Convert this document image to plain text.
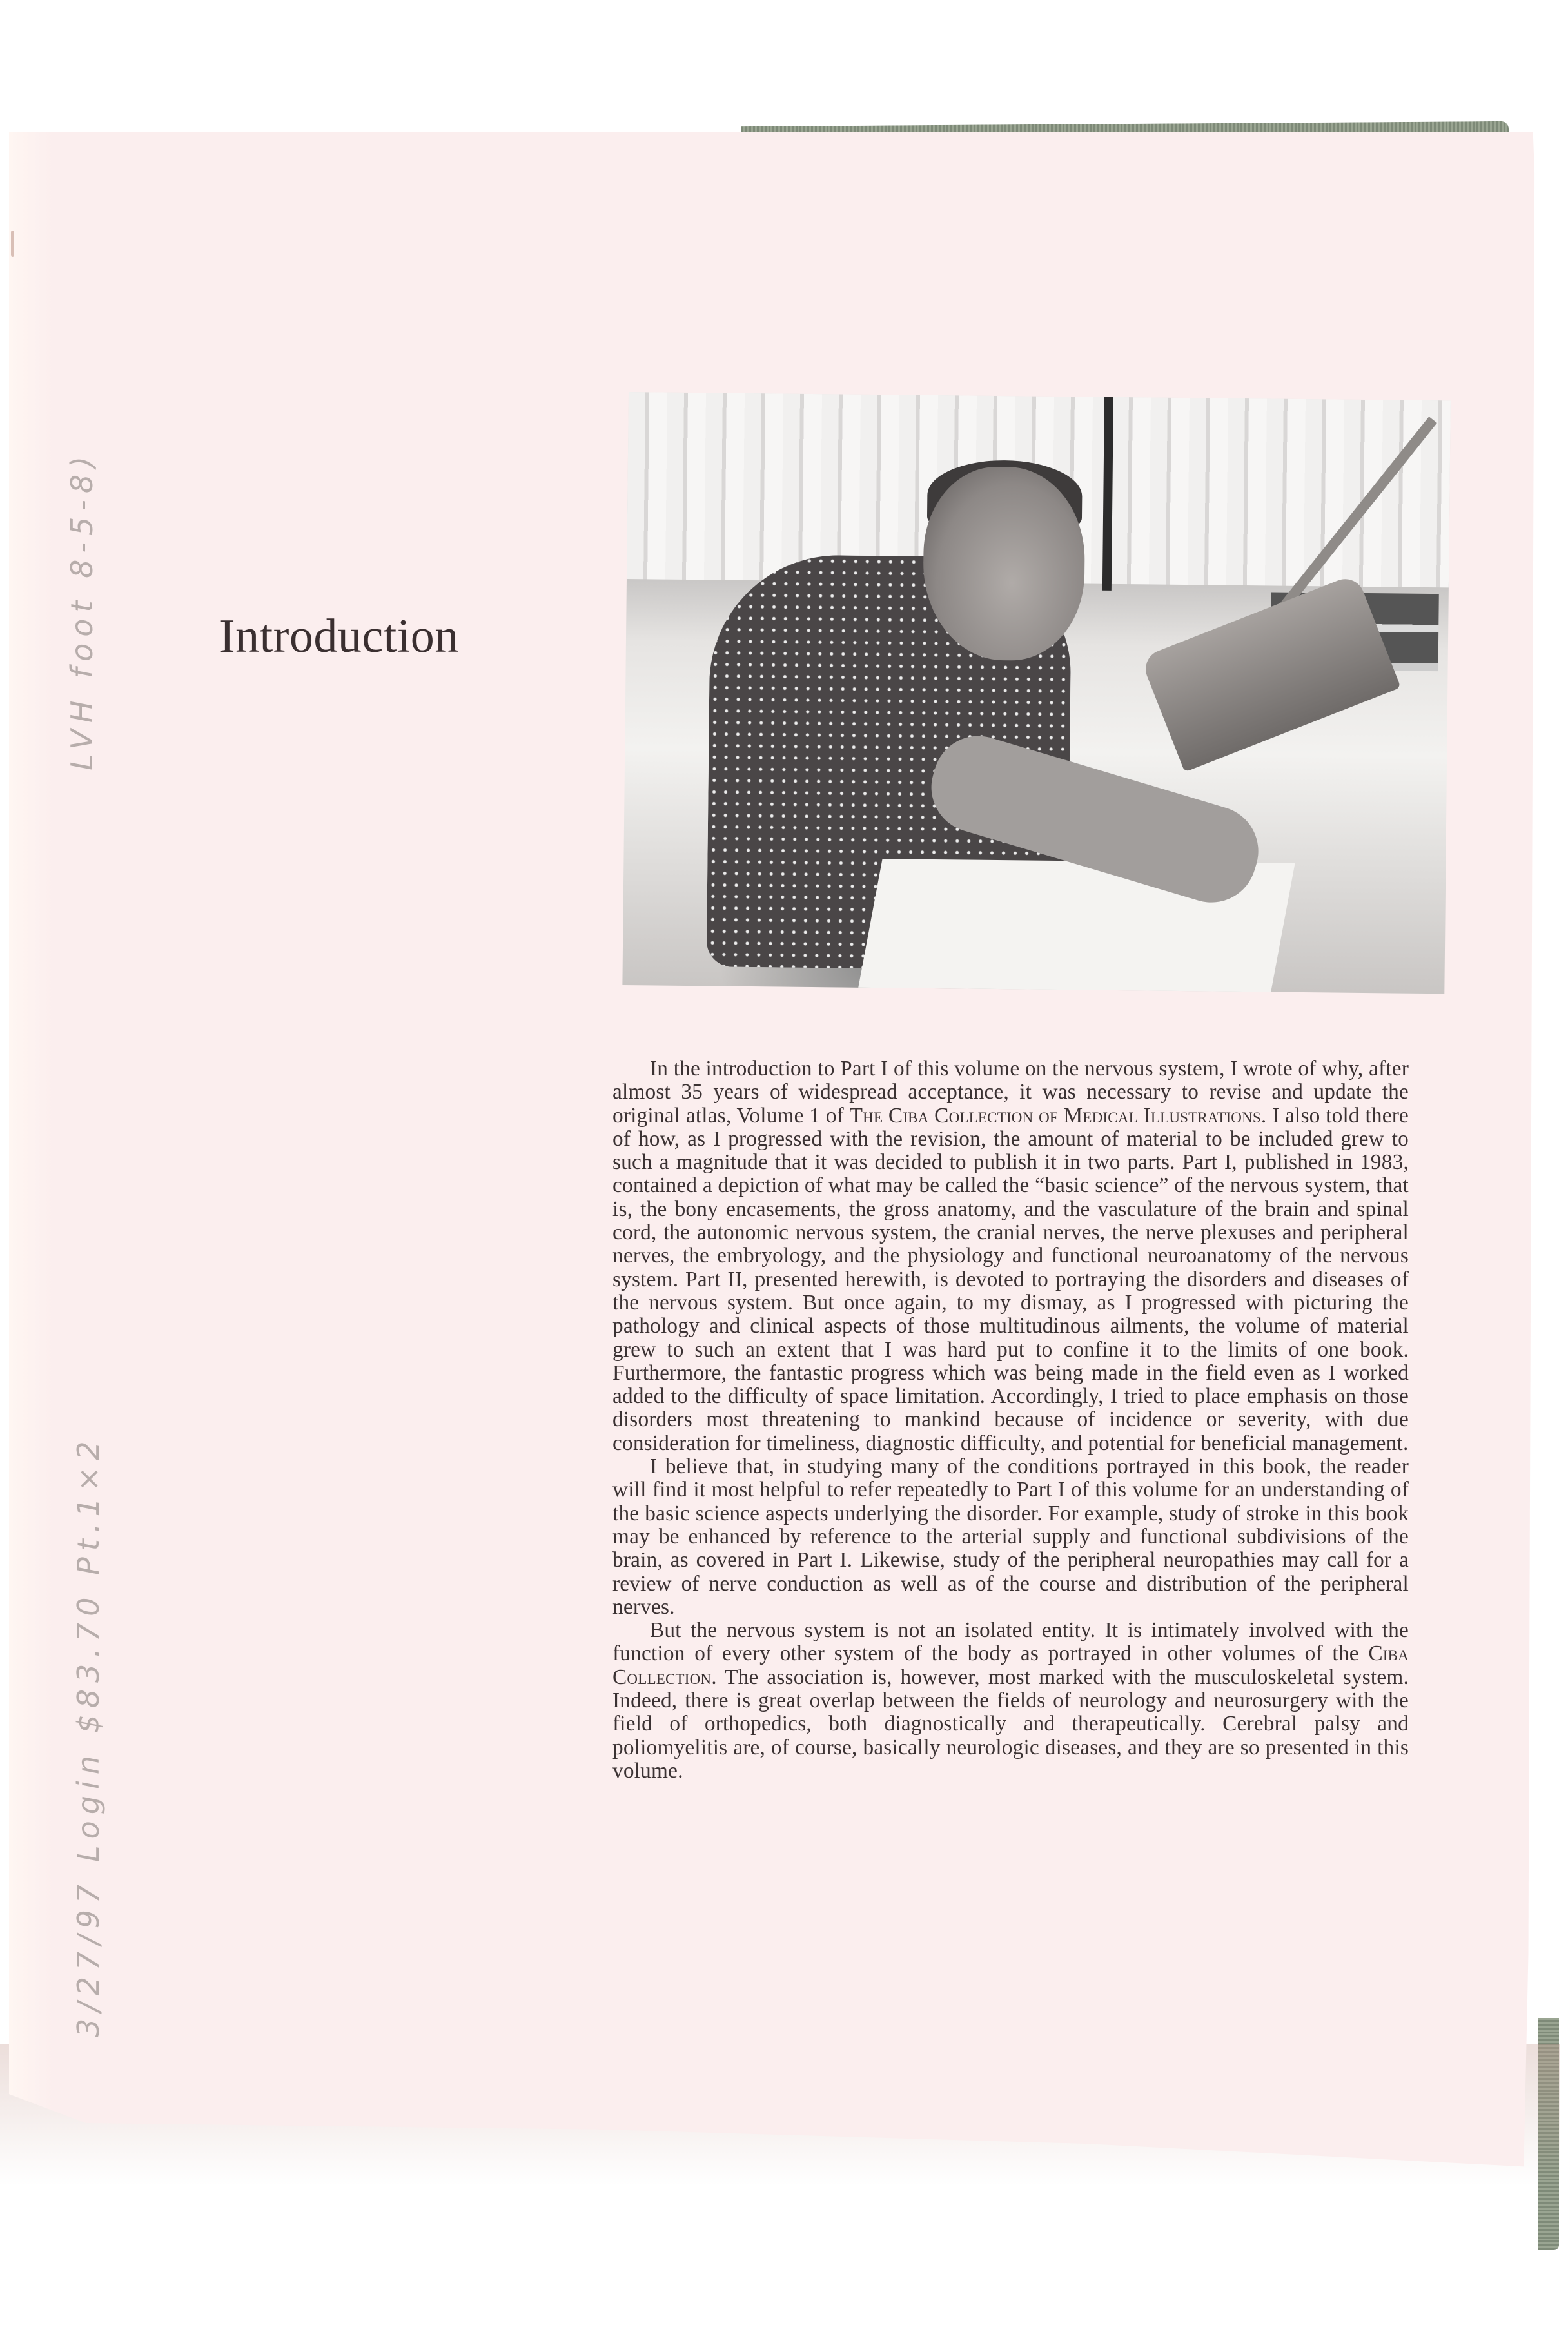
Introduction

In the introduction to Part I of this volume on the nervous system, I wrote of why, after almost 35 years of widespread acceptance, it was necessary to revise and update the original atlas, Volume 1 of The Ciba Collection of Medical Illustrations. I also told there of how, as I progressed with the revision, the amount of material to be included grew to such a magnitude that it was decided to publish it in two parts. Part I, published in 1983, contained a depiction of what may be called the “basic science” of the nervous system, that is, the bony encasements, the gross anatomy, and the vasculature of the brain and spinal cord, the autonomic nervous system, the cranial nerves, the nerve plexuses and peripheral nerves, the embryology, and the physiology and functional neuroanatomy of the nervous system. Part II, presented herewith, is devoted to portraying the disorders and diseases of the nervous system. But once again, to my dismay, as I progressed with picturing the pathology and clinical aspects of those multitudinous ailments, the volume of material grew to such an extent that I was hard put to confine it to the limits of one book. Furthermore, the fantastic progress which was being made in the field even as I worked added to the difficulty of space limitation. Accordingly, I tried to place emphasis on those disorders most threatening to mankind because of incidence or severity, with due consideration for timeliness, diagnostic difficulty, and potential for beneficial management.

I believe that, in studying many of the conditions portrayed in this book, the reader will find it most helpful to refer repeatedly to Part I of this volume for an understanding of the basic science aspects underlying the disorder. For example, study of stroke in this book may be enhanced by reference to the arterial supply and functional subdivisions of the brain, as covered in Part I. Likewise, study of the peripheral neuropathies may call for a review of nerve conduction as well as of the course and distribution of the peripheral nerves.

But the nervous system is not an isolated entity. It is intimately involved with the function of every other system of the body as portrayed in other volumes of the Ciba Collection. The association is, however, most marked with the musculoskeletal system. Indeed, there is great overlap between the fields of neurology and neurosurgery with the field of orthopedics, both diagnostically and therapeutically. Cerebral palsy and poliomyelitis are, of course, basically neurologic diseases, and they are so presented in this volume.

LVH foot 8-5-8)
3/27/97 Login $83.70 Pt.1×2
